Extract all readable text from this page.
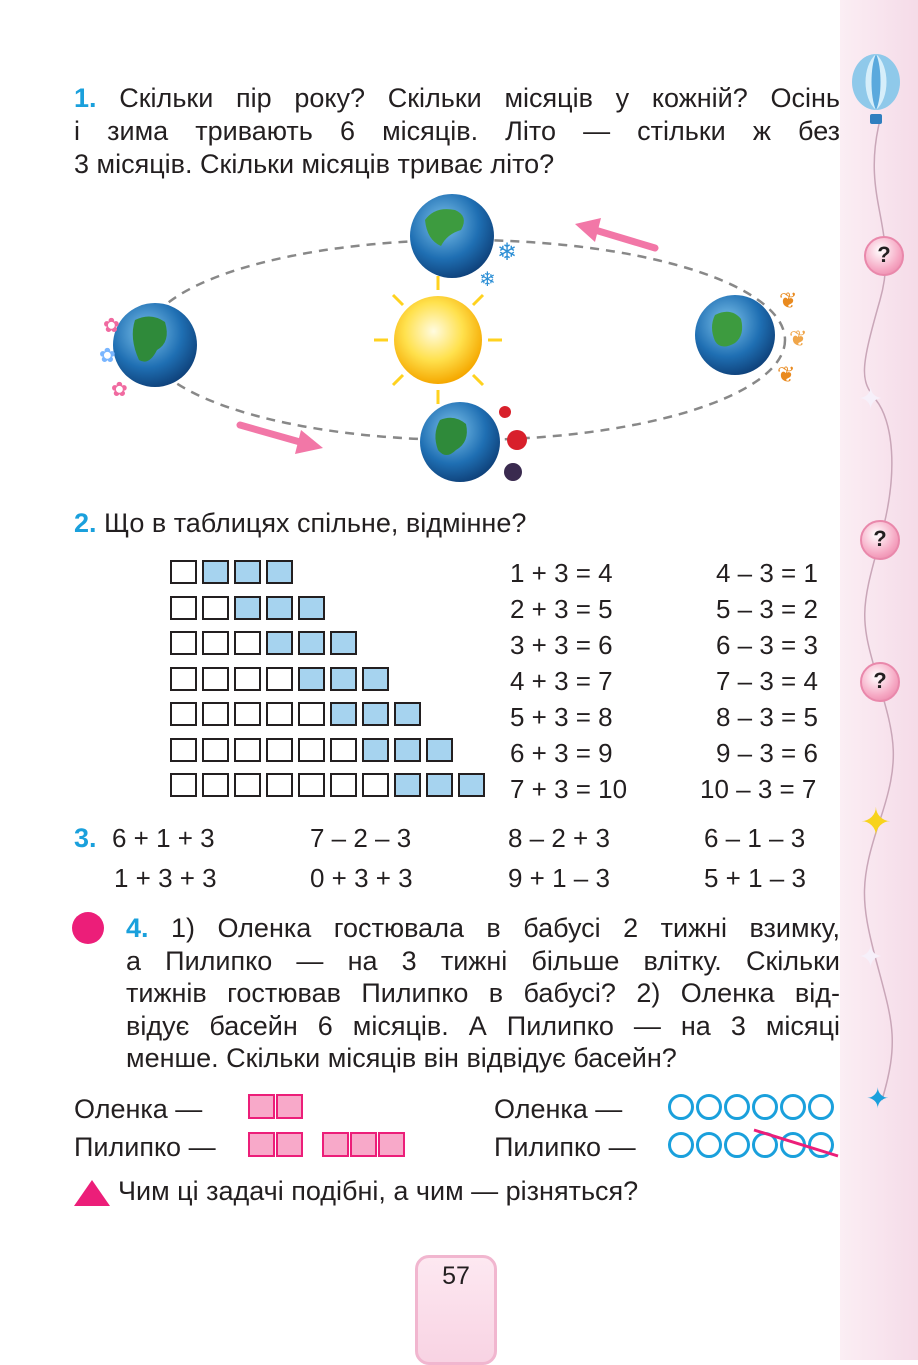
?
?
?
✦
✦
✦
✦
1. Скільки пір року? Скільки місяців у кожній? Осінь
і зима тривають 6 місяців. Літо — стільки ж без
3 місяців. Скільки місяців триває літо?
❄
❄
✿
✿
✿
❦
❦
❦
2. Що в таблицях спільне, відмінне?
1 + 3 = 4	4 – 3 = 1
2 + 3 = 5	5 – 3 = 2
3 + 3 = 6	6 – 3 = 3
4 + 3 = 7	7 – 3 = 4
5 + 3 = 8	8 – 3 = 5
6 + 3 = 9	9 – 3 = 6
7 + 3 = 10	10 – 3 = 7
3. 6 + 1 + 3	7 – 2 – 3	8 – 2 + 3	6 – 1 – 3
1 + 3 + 3	0 + 3 + 3	9 + 1 – 3	5 + 1 – 3
4. 1) Оленка гостювала в бабусі 2 тижні взимку,
а Пилипко — на 3 тижні більше влітку. Скільки
тижнів гостював Пилипко в бабусі? 2) Оленка від-
відує басейн 6 місяців. А Пилипко — на 3 місяці
менше. Скільки місяців він відвідує басейн?
Оленка —
Пилипко —
Оленка —
Пилипко —
Чим ці задачі подібні, а чим — різняться?
57
